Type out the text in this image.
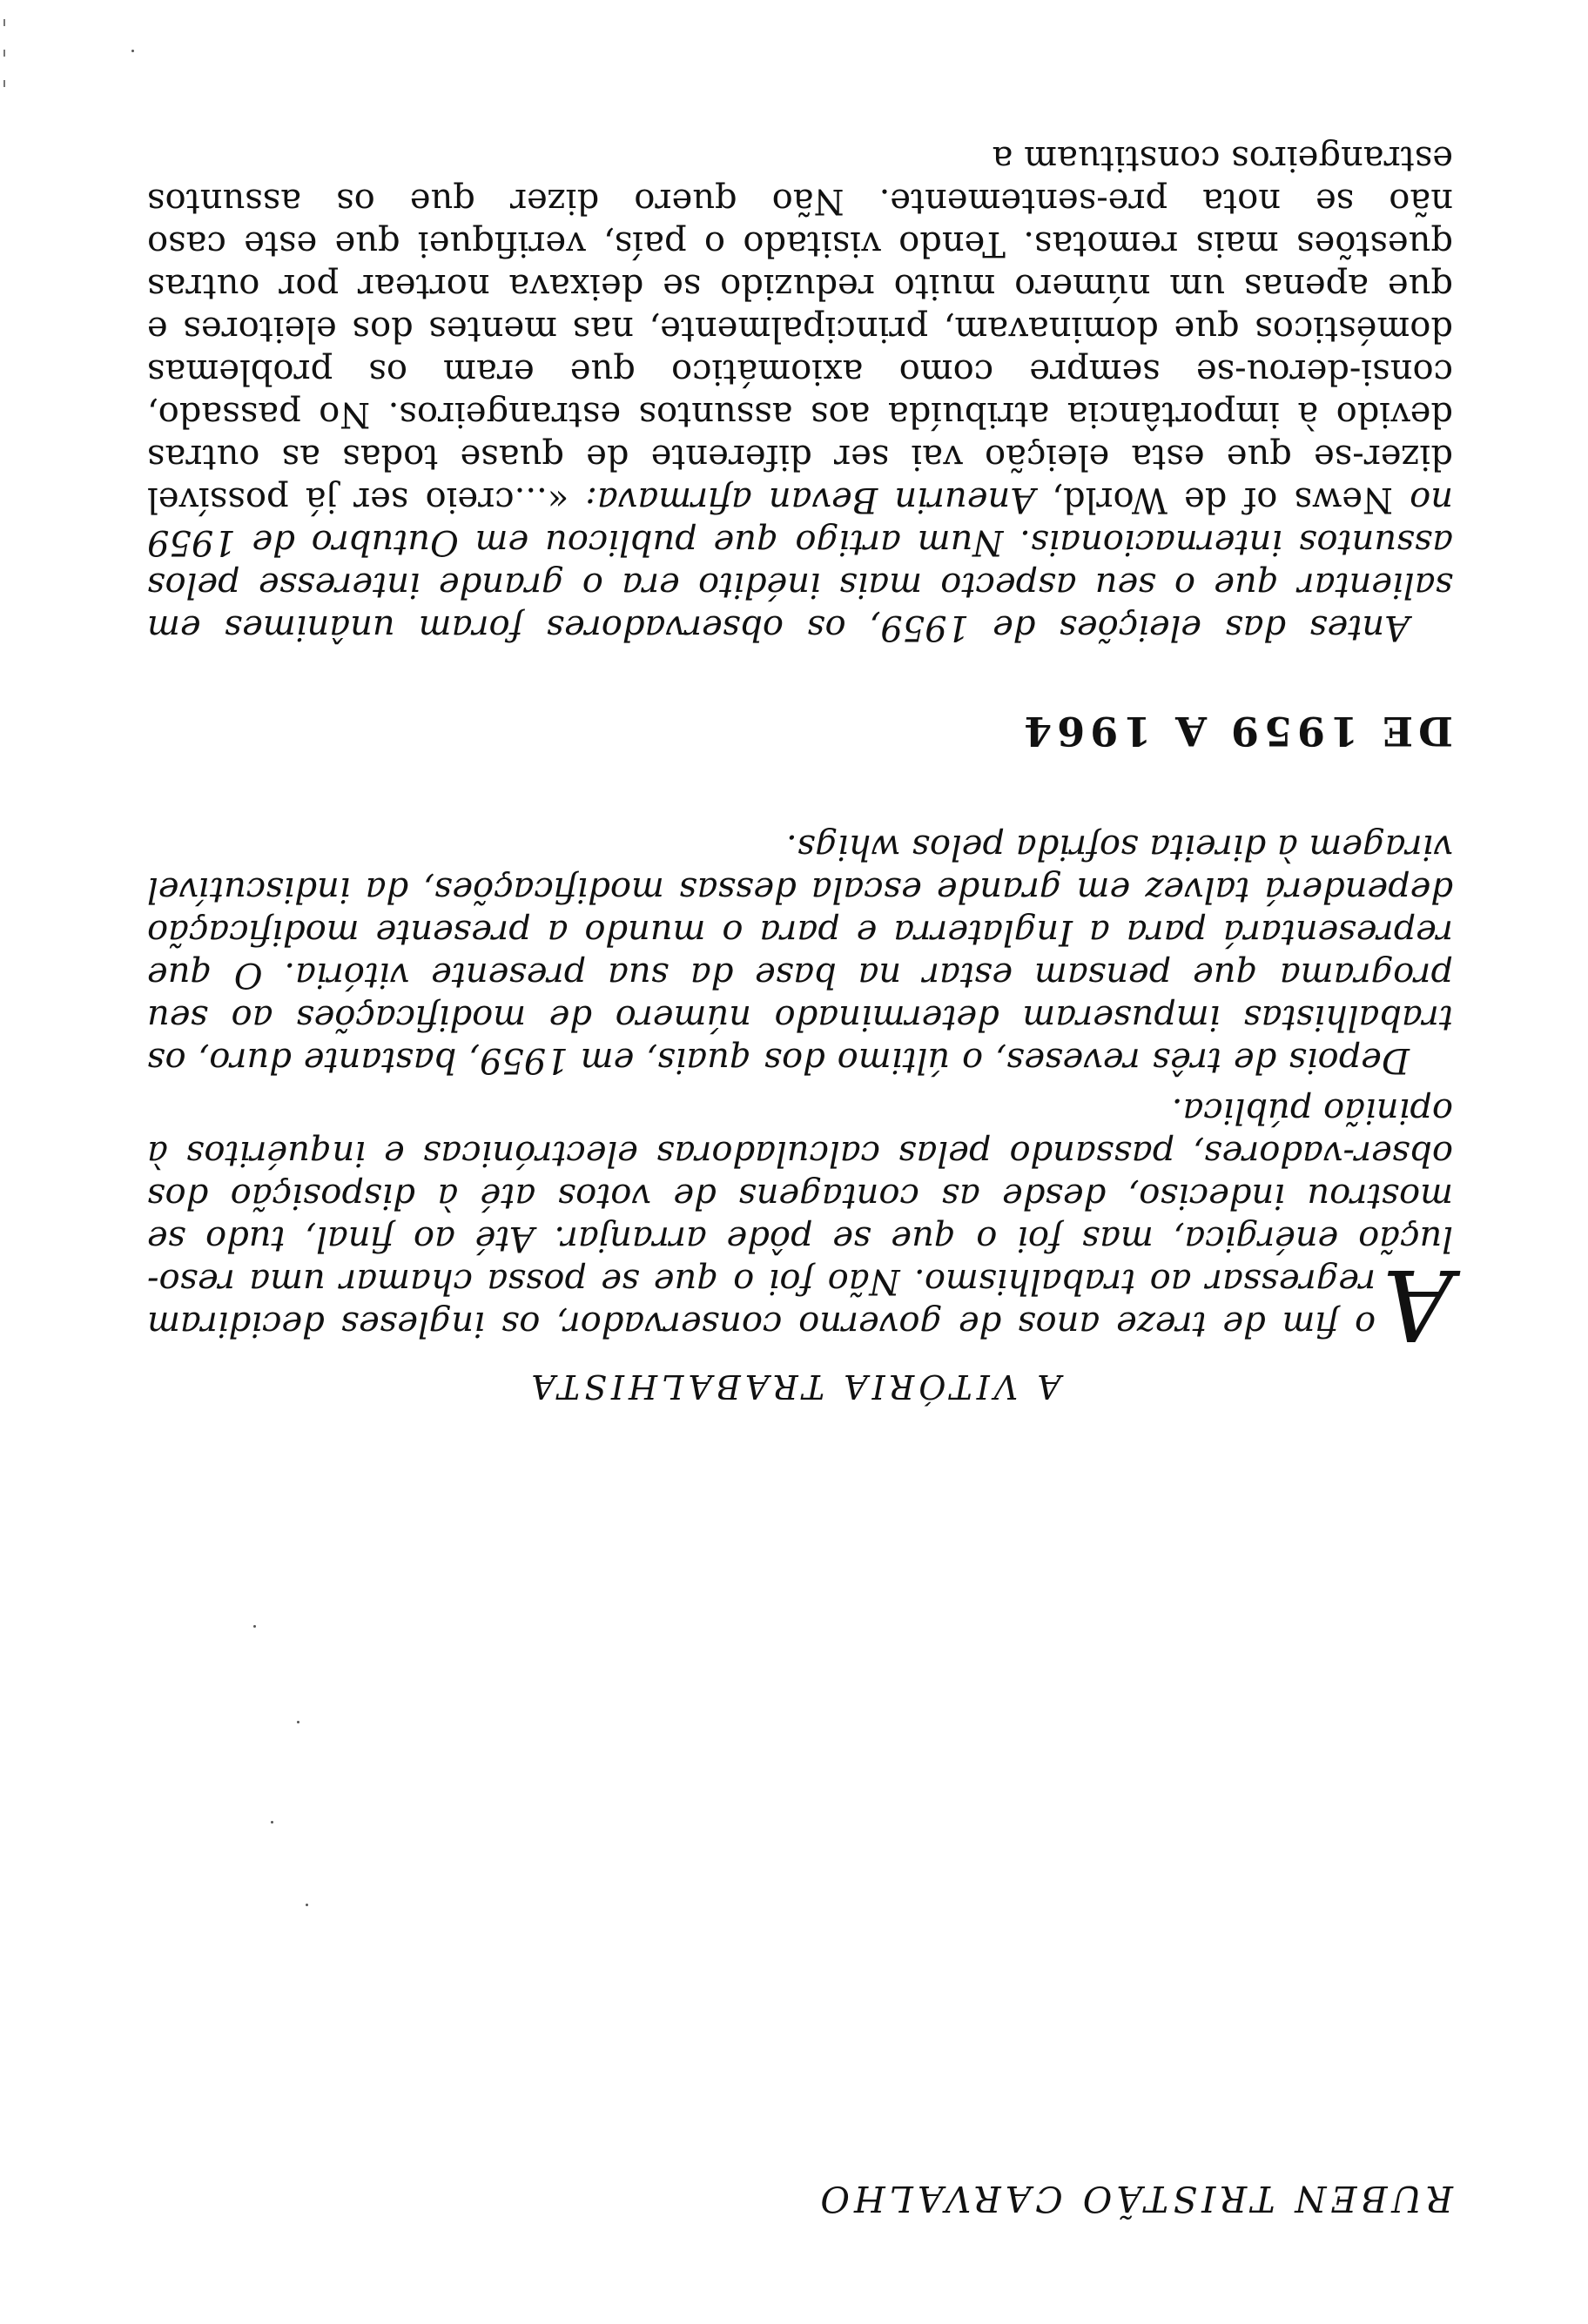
RUBEN TRISTÃO CARVALHO
A VITÓRIA TRABALHISTA

A
o fim de treze anos de governo conservador, os ingleses decidiram regressar ao trabalhismo. Não foi o que se possa chamar uma reso-lução enérgica, mas foi o que se pôde arranjar. Até ao final, tudo se mostrou indeciso, desde as contagens de votos até à disposição dos obser-vadores, passando pelas calculadoras electrónicas e inquéritos à opinião pública.

Depois de três reveses, o último dos quais, em 1959, bastante duro, os trabalhistas impuseram determinado número de modificações ao seu programa que pensam estar na base da sua presente vitória. O que representará para a Inglaterra e para o mundo a presente modificação dependerá talvez em grande escala dessas modificações, da indiscutível viragem à direita sofrida pelos whigs.

DE 1959 A 1964

Antes das eleições de 1959, os observadores foram unânimes em salientar que o seu aspecto mais inédito era o grande interesse pelos assuntos internacionais. Num artigo que publicou em Outubro de 1959 no News of de World, Aneurin Bevan afirmava: «...creio ser já possível dizer-se que esta eleição vai ser diferente de quase todas as outras devido à importância atribuída aos assuntos estrangeiros. No passado, consi-derou-se sempre como axiomático que eram os problemas domésticos que dominavam, principalmente, nas mentes dos eleitores e que apenas um número muito reduzido se deixava nortear por outras questões mais remotas. Tendo visitado o país, verifiquei que este caso não se nota pre-sentemente. Não quero dizer que os assuntos estrangeiros constituam a
